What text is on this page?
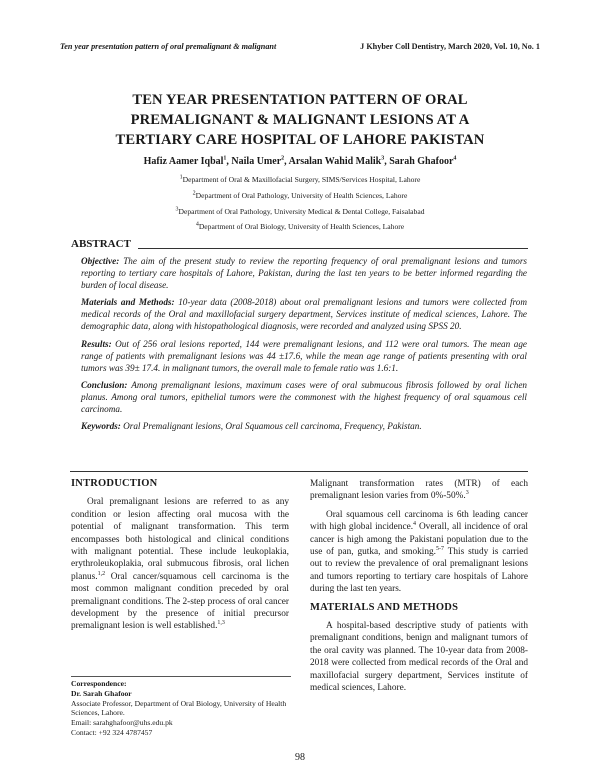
Ten year presentation pattern of oral premalignant & malignant	J Khyber Coll Dentistry, March 2020, Vol. 10, No. 1
TEN YEAR PRESENTATION PATTERN OF ORAL
PREMALIGNANT & MALIGNANT LESIONS AT A
TERTIARY CARE HOSPITAL OF LAHORE PAKISTAN
Hafiz Aamer Iqbal$^1$, Naila Umer$^2$, Arsalan Wahid Malik$^3$, Sarah Ghafoor$^4$
$^1$Department of Oral & Maxillofacial Surgery, SIMS/Services Hospital, Lahore
$^2$Department of Oral Pathology, University of Health Sciences, Lahore
$^3$Department of Oral Pathology, University Medical & Dental College, Faisalabad
$^4$Department of Oral Biology, University of Health Sciences, Lahore
ABSTRACT

Objective: The aim of the present study to review the reporting frequency of oral premalignant lesions and tumors reporting to tertiary care hospitals of Lahore, Pakistan, during the last ten years to be better informed regarding the burden of local disease.

Materials and Methods: 10-year data (2008-2018) about oral premalignant lesions and tumors were collected from medical records of the Oral and maxillofacial surgery department, Services institute of medical sciences, Lahore. The demographic data, along with histopathological diagnosis, were recorded and analyzed using SPSS 20.

Results: Out of 256 oral lesions reported, 144 were premalignant lesions, and 112 were oral tumors. The mean age range of patients with premalignant lesions was 44 ±17.6, while the mean age range of patients presenting with oral tumors was 39± 17.4. in malignant tumors, the overall male to female ratio was 1.6:1.

Conclusion: Among premalignant lesions, maximum cases were of oral submucous fibrosis followed by oral lichen planus. Among oral tumors, epithelial tumors were the commonest with the highest frequency of oral squamous cell carcinoma.

Keywords: Oral Premalignant lesions, Oral Squamous cell carcinoma, Frequency, Pakistan.

INTRODUCTION

Oral premalignant lesions are referred to as any condition or lesion affecting oral mucosa with the potential of malignant transformation. This term encompasses both histological and clinical conditions with malignant potential. These include leukoplakia, erythroleukoplakia, oral submucous fibrosis, oral lichen planus.$^{1,2}$ Oral cancer/squamous cell carcinoma is the most common malignant condition preceded by oral premalignant conditions. The 2-step process of oral cancer development by the presence of initial precursor premalignant lesion is well established.$^{1,3}$

Malignant transformation rates (MTR) of each premalignant lesion varies from 0%-50%.$^3$

Oral squamous cell carcinoma is 6th leading cancer with high global incidence.$^4$ Overall, all incidence of oral cancer is high among the Pakistani population due to the use of pan, gutka, and smoking.$^{5-7}$ This study is carried out to review the prevalence of oral premalignant lesions and tumors reporting to tertiary care hospitals of Lahore during the last ten years.

MATERIALS AND METHODS

A hospital-based descriptive study of patients with premalignant conditions, benign and malignant tumors of the oral cavity was planned. The 10-year data from 2008-2018 were collected from medical records of the Oral and maxillofacial surgery department, Services institute of medical sciences, Lahore.

Correspondence:
Dr. Sarah Ghafoor
Associate Professor, Department of Oral Biology, University of Health Sciences, Lahore.
Email: sarahghafoor@uhs.edu.pk
Contact: +92 324 4787457
98
